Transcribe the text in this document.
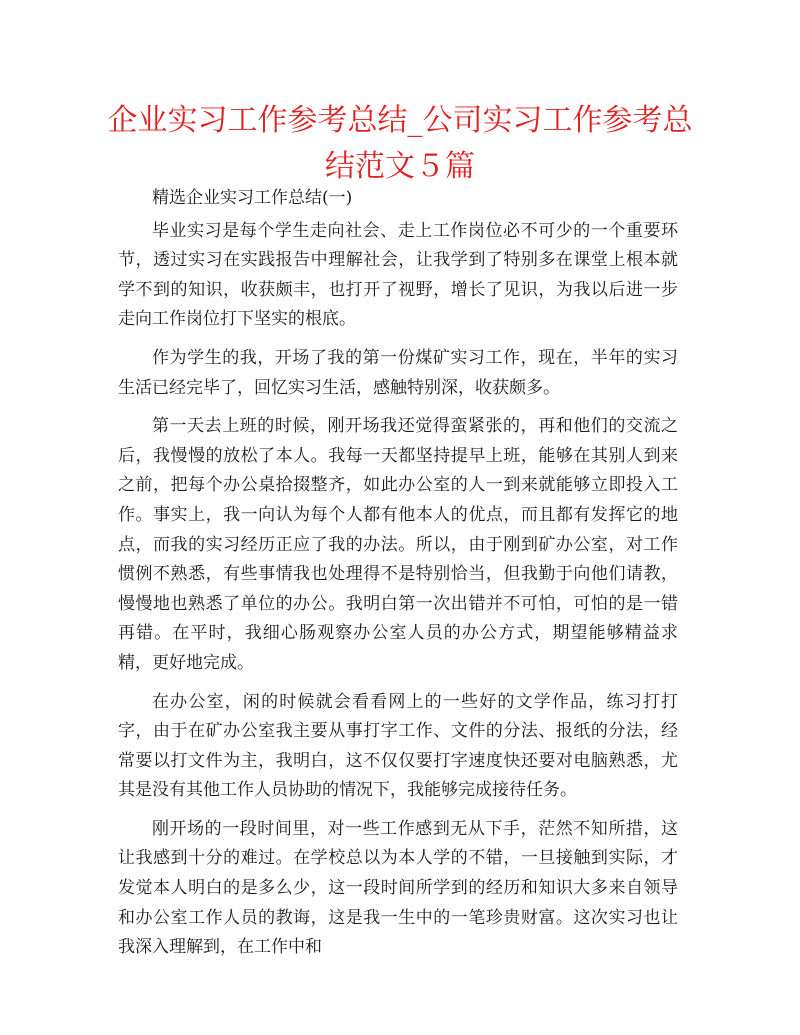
企业实习工作参考总结_公司实习工作参考总结范文５篇

精选企业实习工作总结(一)

毕业实习是每个学生走向社会、走上工作岗位必不可少的一个重要环节，透过实习在实践报告中理解社会，让我学到了特别多在课堂上根本就学不到的知识，收获颇丰，也打开了视野，增长了见识，为我以后进一步走向工作岗位打下坚实的根底。

作为学生的我，开场了我的第一份煤矿实习工作，现在，半年的实习生活已经完毕了，回忆实习生活，感触特别深，收获颇多。

第一天去上班的时候，刚开场我还觉得蛮紧张的，再和他们的交流之后，我慢慢的放松了本人。我每一天都坚持提早上班，能够在其别人到来之前，把每个办公桌拾掇整齐，如此办公室的人一到来就能够立即投入工作。事实上，我一向认为每个人都有他本人的优点，而且都有发挥它的地点，而我的实习经历正应了我的办法。所以，由于刚到矿办公室，对工作惯例不熟悉，有些事情我也处理得不是特别恰当，但我勤于向他们请教，慢慢地也熟悉了单位的办公。我明白第一次出错并不可怕，可怕的是一错再错。在平时，我细心肠观察办公室人员的办公方式，期望能够精益求精，更好地完成。

在办公室，闲的时候就会看看网上的一些好的文学作品，练习打打字，由于在矿办公室我主要从事打字工作、文件的分法、报纸的分法，经常要以打文件为主，我明白，这不仅仅要打字速度快还要对电脑熟悉，尤其是没有其他工作人员协助的情况下，我能够完成接待任务。

刚开场的一段时间里，对一些工作感到无从下手，茫然不知所措，这让我感到十分的难过。在学校总以为本人学的不错，一旦接触到实际，才发觉本人明白的是多么少，这一段时间所学到的经历和知识大多来自领导和办公室工作人员的教诲，这是我一生中的一笔珍贵财富。这次实习也让我深入理解到，在工作中和
